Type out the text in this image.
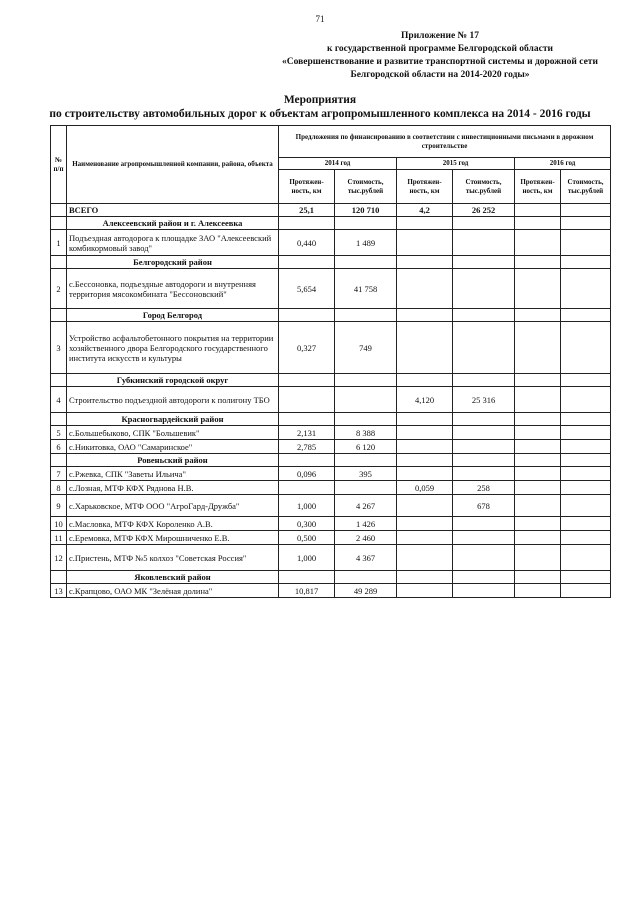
71
Приложение № 17
к государственной программе Белгородской области
«Совершенствование и развитие транспортной системы и дорожной сети
Белгородской области на 2014-2020 годы»
Мероприятия
по строительству автомобильных дорог к объектам агропромышленного комплекса на 2014 - 2016 годы
№ п/п	Наименование агропромышленной компании, района, объекта	Предложения по финансированию в соответствии с инвестиционными письмами в дорожном строительстве					
		2014 год		2015 год		2016 год	
		Протяжен-ность, км	Стоимость, тыс.рублей	Протяжен-ность, км	Стоимость, тыс.рублей	Протяжен-ность, км	Стоимость, тыс.рублей
	ВСЕГО	25,1	120 710	4,2	26 252		
	Алексеевский район и г. Алексеевка						
1	Подъездная автодорога к площадке ЗАО "Алексеевский комбикормовый завод"	0,440	1 489				
	Белгородский район						
2	с.Бессоновка, подъездные автодороги и внутренняя территория мясокомбината "Бессоновский"	5,654	41 758				
	Город Белгород						
3	Устройство асфальтобетонного покрытия на территории хозяйственного двора Белгородского государственного института искусств и культуры	0,327	749				
	Губкинский городской округ						
4	Строительство подъездной автодороги к полигону ТБО			4,120	25 316		
	Красногвардейский район						
5	с.Большебыково, СПК "Большевик"	2,131	8 388				
6	с.Никитовка, ОАО "Самаринское"	2,785	6 120				
	Ровеньский район						
7	с.Ржевка, СПК "Заветы Ильича"	0,096	395				
8	с.Лозная, МТФ КФХ Ряднова Н.В.			0,059	258		
9	с.Харьковское, МТФ ООО "АгроГард-Дружба"	1,000	4 267		678		
10	с.Масловка, МТФ КФХ Короленко А.В.	0,300	1 426				
11	с.Еремовка, МТФ КФХ Мирошниченко Е.В.	0,500	2 460				
12	с.Пристень, МТФ №5 колхоз "Советская Россия"	1,000	4 367				
	Яковлевский район						
13	с.Крапцово, ОАО МК "Зелёная долина"	10,817	49 289				
